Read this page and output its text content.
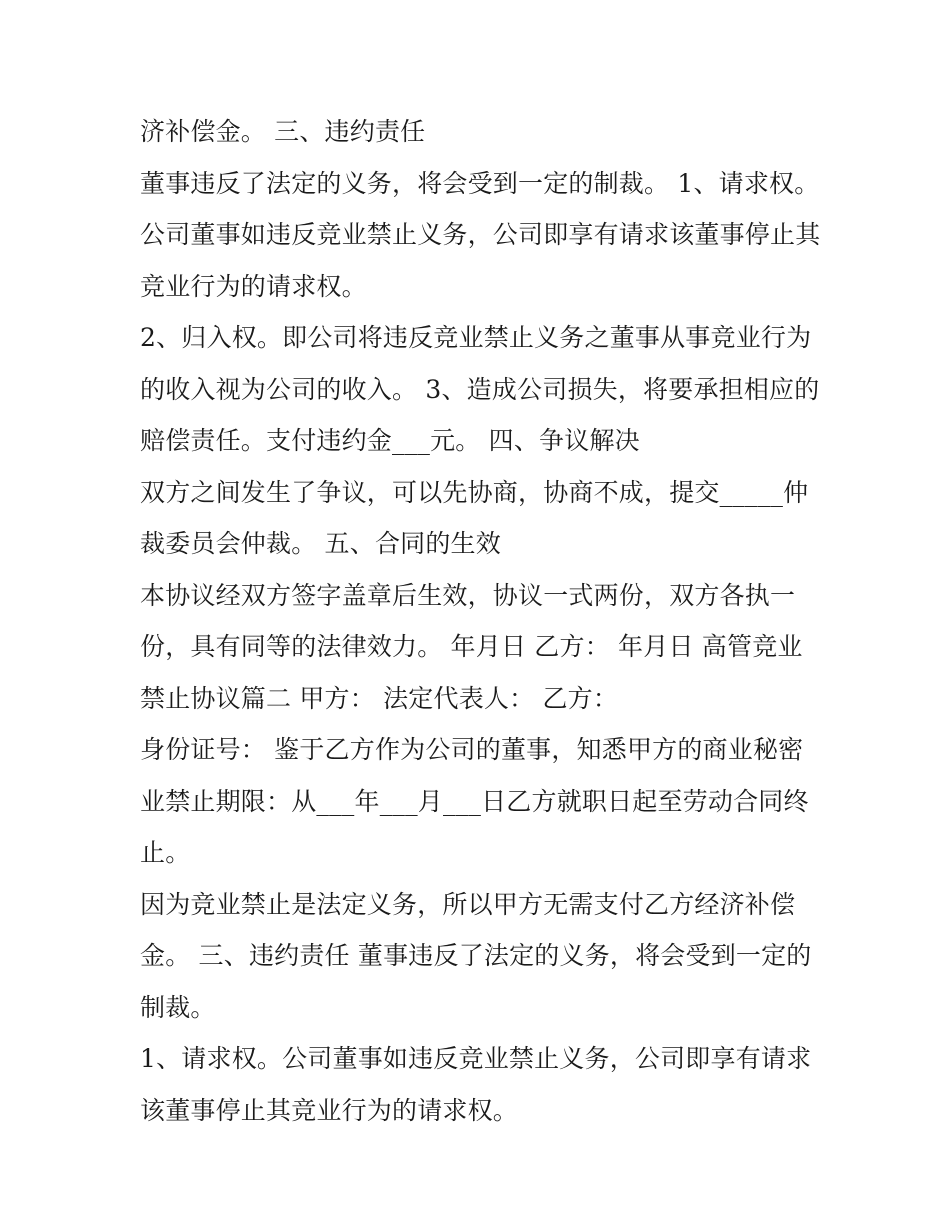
济补偿金。 三、违约责任
董事违反了法定的义务，将会受到一定的制裁。 1、请求权。
公司董事如违反竞业禁止义务，公司即享有请求该董事停止其
竞业行为的请求权。
2、归入权。即公司将违反竞业禁止义务之董事从事竞业行为
的收入视为公司的收入。 3、造成公司损失，将要承担相应的
赔偿责任。支付违约金___元。 四、争议解决
双方之间发生了争议，可以先协商，协商不成，提交_____仲
裁委员会仲裁。 五、合同的生效
本协议经双方签字盖章后生效，协议一式两份，双方各执一
份，具有同等的法律效力。 年月日 乙方： 年月日 高管竞业
禁止协议篇二 甲方： 法定代表人： 乙方：
身份证号： 鉴于乙方作为公司的董事，知悉甲方的商业秘密
业禁止期限：从___年___月___日乙方就职日起至劳动合同终
止。
因为竞业禁止是法定义务，所以甲方无需支付乙方经济补偿
金。 三、违约责任 董事违反了法定的义务，将会受到一定的
制裁。
1、请求权。公司董事如违反竞业禁止义务，公司即享有请求
该董事停止其竞业行为的请求权。
